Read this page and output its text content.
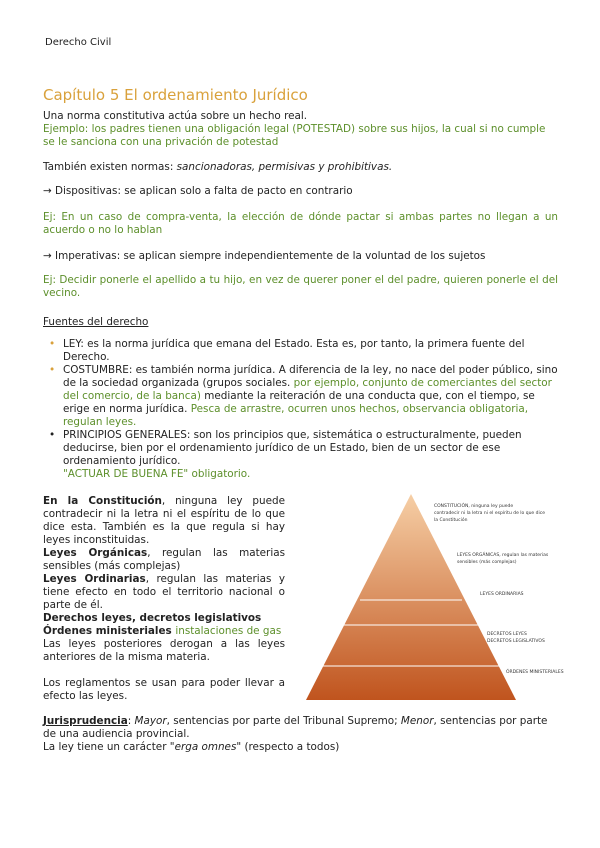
Derecho Civil
Capítulo 5 El ordenamiento Jurídico
Una norma constitutiva actúa sobre un hecho real.
Ejemplo: los padres tienen una obligación legal (POTESTAD) sobre sus hijos, la cual si no cumple se le sanciona con una privación de potestad
También existen normas: sancionadoras, permisivas y prohibitivas.
→ Dispositivas: se aplican solo a falta de pacto en contrario
Ej: En un caso de compra-venta, la elección de dónde pactar si ambas partes no llegan a un acuerdo o no lo hablan
→ Imperativas: se aplican siempre independientemente de la voluntad de los sujetos
Ej: Decidir ponerle el apellido a tu hijo, en vez de querer poner el del padre, quieren ponerle el del vecino.
Fuentes del derecho
• LEY: es la norma jurídica que emana del Estado. Esta es, por tanto, la primera fuente del Derecho.
• COSTUMBRE: es también norma jurídica. A diferencia de la ley, no nace del poder público, sino de la sociedad organizada (grupos sociales. por ejemplo, conjunto de comerciantes del sector del comercio, de la banca) mediante la reiteración de una conducta que, con el tiempo, se erige en norma jurídica. Pesca de arrastre, ocurren unos hechos, observancia obligatoria, regulan leyes.
• PRINCIPIOS GENERALES: son los principios que, sistemática o estructuralmente, pueden deducirse, bien por el ordenamiento jurídico de un Estado, bien de un sector de ese ordenamiento jurídico.
"ACTUAR DE BUENA FE" obligatorio.
En la Constitución, ninguna ley puede contradecir ni la letra ni el espíritu de lo que dice esta. También es la que regula si hay leyes inconstituidas.
Leyes Orgánicas, regulan las materias sensibles (más complejas)
Leyes Ordinarias, regulan las materias y tiene efecto en todo el territorio nacional o parte de él.
Derechos leyes, decretos legislativos
Órdenes ministeriales instalaciones de gas
Las leyes posteriores derogan a las leyes anteriores de la misma materia.
Los reglamentos se usan para poder llevar a efecto las leyes.
CONSTITUCIÓN, ninguna ley puede
contradecir ni la letra ni el espíritu de lo que dice
la Constitución
LEYES ORGÁNICAS, regulan las materias
sensibles (más complejas)
LEYES ORDINARIAS
DECRETOS LEYES
DECRETOS LEGISLATIVOS
ÓRDENES MINISTERIALES
Jurisprudencia: Mayor, sentencias por parte del Tribunal Supremo; Menor, sentencias por parte de una audiencia provincial.
La ley tiene un carácter "erga omnes" (respecto a todos)
